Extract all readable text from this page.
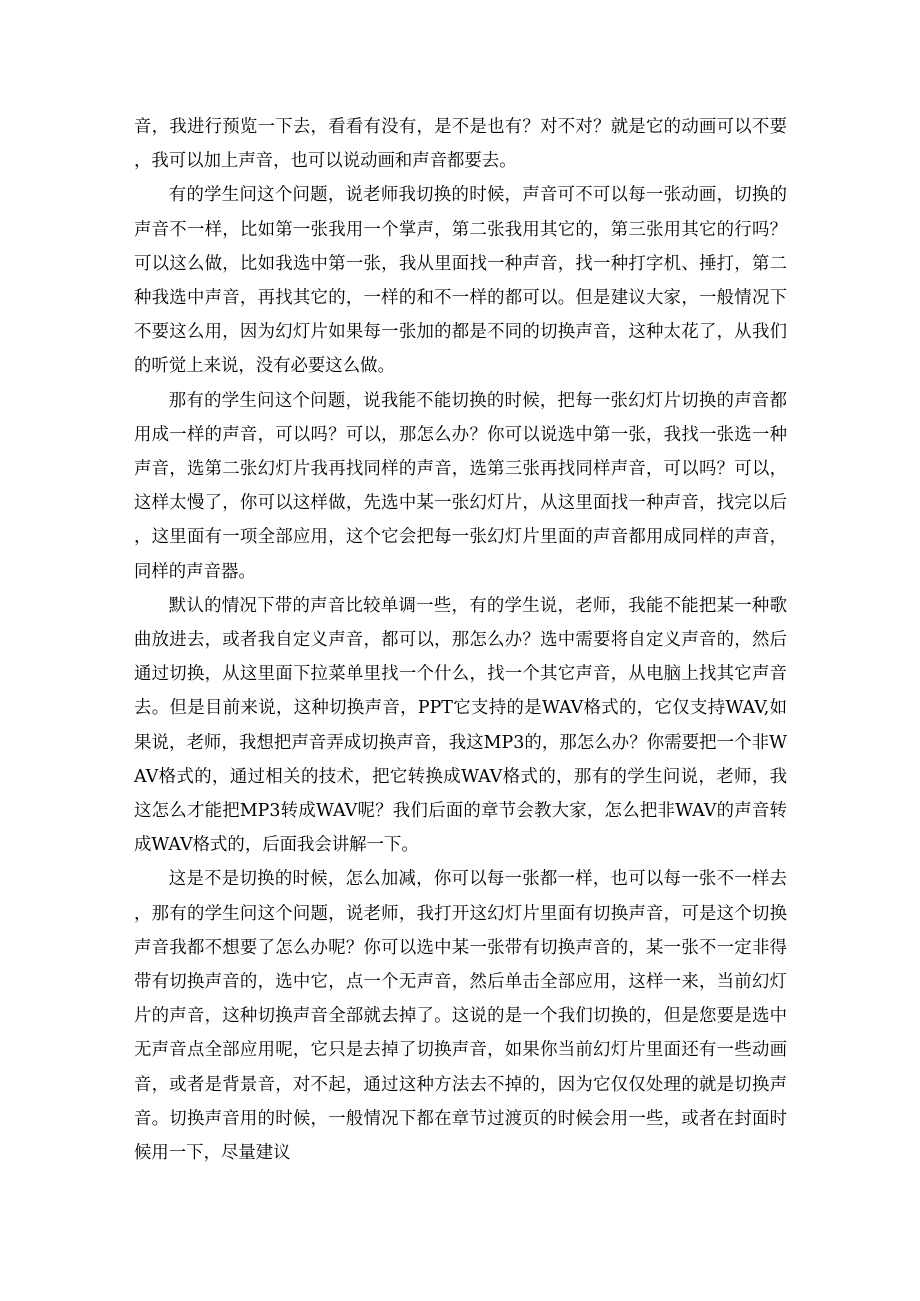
音，我进行预览一下去，看看有没有，是不是也有？对不对？就是它的动画可以不要，我可以加上声音，也可以说动画和声音都要去。

有的学生问这个问题，说老师我切换的时候，声音可不可以每一张动画，切换的声音不一样，比如第一张我用一个掌声，第二张我用其它的，第三张用其它的行吗？可以这么做，比如我选中第一张，我从里面找一种声音，找一种打字机、捶打，第二种我选中声音，再找其它的，一样的和不一样的都可以。但是建议大家，一般情况下不要这么用，因为幻灯片如果每一张加的都是不同的切换声音，这种太花了，从我们的听觉上来说，没有必要这么做。

那有的学生问这个问题，说我能不能切换的时候，把每一张幻灯片切换的声音都用成一样的声音，可以吗？可以，那怎么办？你可以说选中第一张，我找一张选一种声音，选第二张幻灯片我再找同样的声音，选第三张再找同样声音，可以吗？可以，这样太慢了，你可以这样做，先选中某一张幻灯片，从这里面找一种声音，找完以后，这里面有一项全部应用，这个它会把每一张幻灯片里面的声音都用成同样的声音，同样的声音器。

默认的情况下带的声音比较单调一些，有的学生说，老师，我能不能把某一种歌曲放进去，或者我自定义声音，都可以，那怎么办？选中需要将自定义声音的，然后通过切换，从这里面下拉菜单里找一个什么，找一个其它声音，从电脑上找其它声音去。但是目前来说，这种切换声音，PPT它支持的是WAV格式的，它仅支持WAV,如果说，老师，我想把声音弄成切换声音，我这MP3的，那怎么办？你需要把一个非WAV格式的，通过相关的技术，把它转换成WAV格式的，那有的学生问说，老师，我这怎么才能把MP3转成WAV呢？我们后面的章节会教大家，怎么把非WAV的声音转成WAV格式的，后面我会讲解一下。

这是不是切换的时候，怎么加减，你可以每一张都一样，也可以每一张不一样去，那有的学生问这个问题，说老师，我打开这幻灯片里面有切换声音，可是这个切换声音我都不想要了怎么办呢？你可以选中某一张带有切换声音的，某一张不一定非得带有切换声音的，选中它，点一个无声音，然后单击全部应用，这样一来，当前幻灯片的声音，这种切换声音全部就去掉了。这说的是一个我们切换的，但是您要是选中无声音点全部应用呢，它只是去掉了切换声音，如果你当前幻灯片里面还有一些动画音，或者是背景音，对不起，通过这种方法去不掉的，因为它仅仅处理的就是切换声音。切换声音用的时候，一般情况下都在章节过渡页的时候会用一些，或者在封面时候用一下，尽量建议
